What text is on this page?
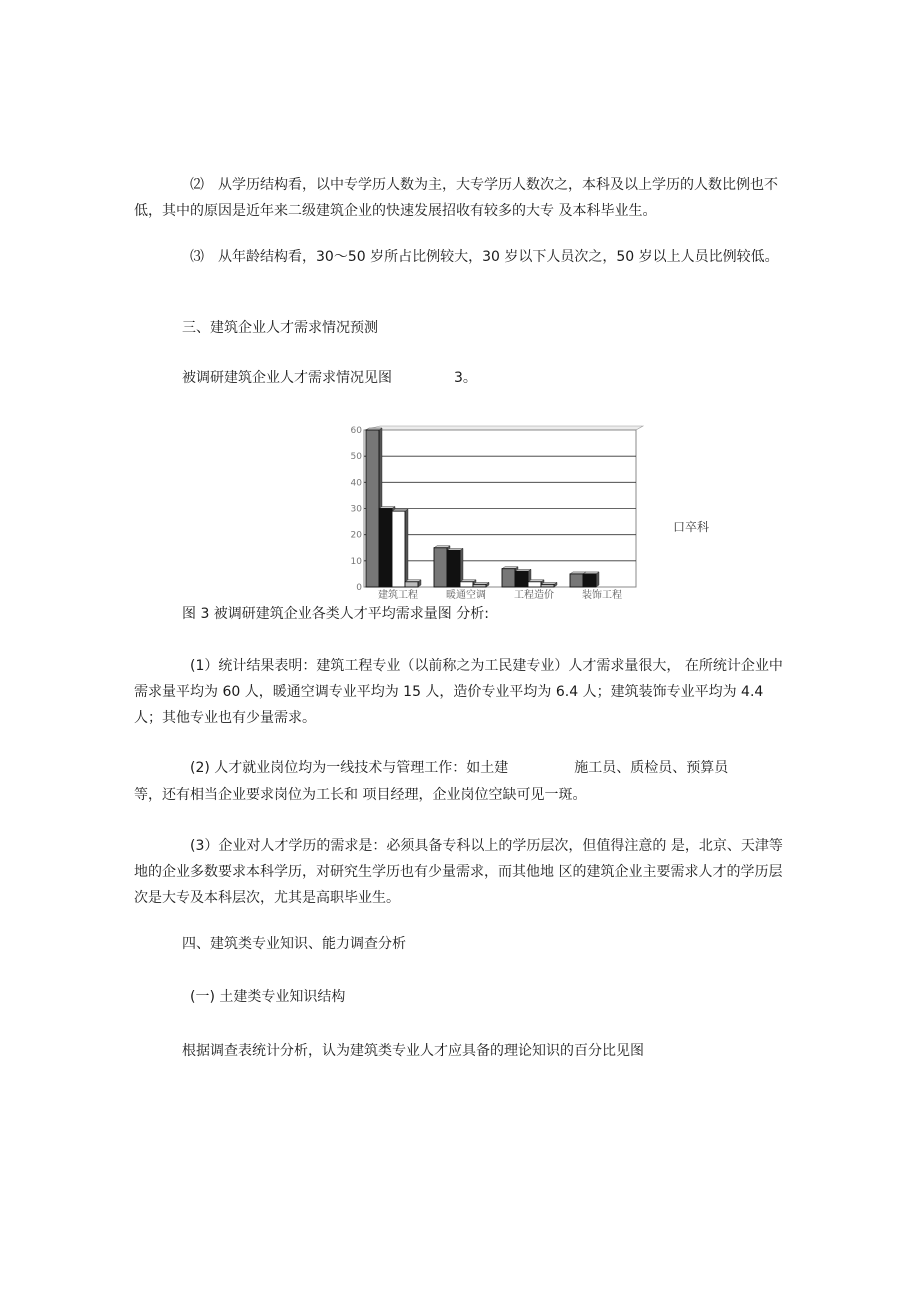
⑵ 从学历结构看，以中专学历人数为主，大专学历人数次之，本科及以上学历的人数比例也不低，其中的原因是近年来二级建筑企业的快速发展招收有较多的大专 及本科毕业生。

⑶ 从年龄结构看，30〜50 岁所占比例较大，30 岁以下人员次之，50 岁以上人员比例较低。

三、建筑企业人才需求情况预测

被调研建筑企业人才需求情况见图	3。

0
10
20
30
40
50
60
建筑工程	暖通空调	工程造价	装饰工程
口卒科

图 3 被调研建筑企业各类人才平均需求量图 分析:

(1）统计结果表明：建筑工程专业（以前称之为工民建专业）人才需求量很大， 在所统计企业中需求量平均为 60 人，暖通空调专业平均为 15 人，造价专业平均为 6.4 人；建筑装饰专业平均为 4.4 人；其他专业也有少量需求。

(2) 人才就业岗位均为一线技术与管理工作：如土建	施工员、质检员、预算员

等，还有相当企业要求岗位为工长和 项目经理，企业岗位空缺可见一斑。

(3）企业对人才学历的需求是：必须具备专科以上的学历层次，但值得注意的 是，北京、天津等地的企业多数要求本科学历，对研究生学历也有少量需求，而其他地 区的建筑企业主要需求人才的学历层次是大专及本科层次，尤其是高职毕业生。

四、建筑类专业知识、能力调查分析

(一) 土建类专业知识结构

根据调查表统计分析，认为建筑类专业人才应具备的理论知识的百分比见图
